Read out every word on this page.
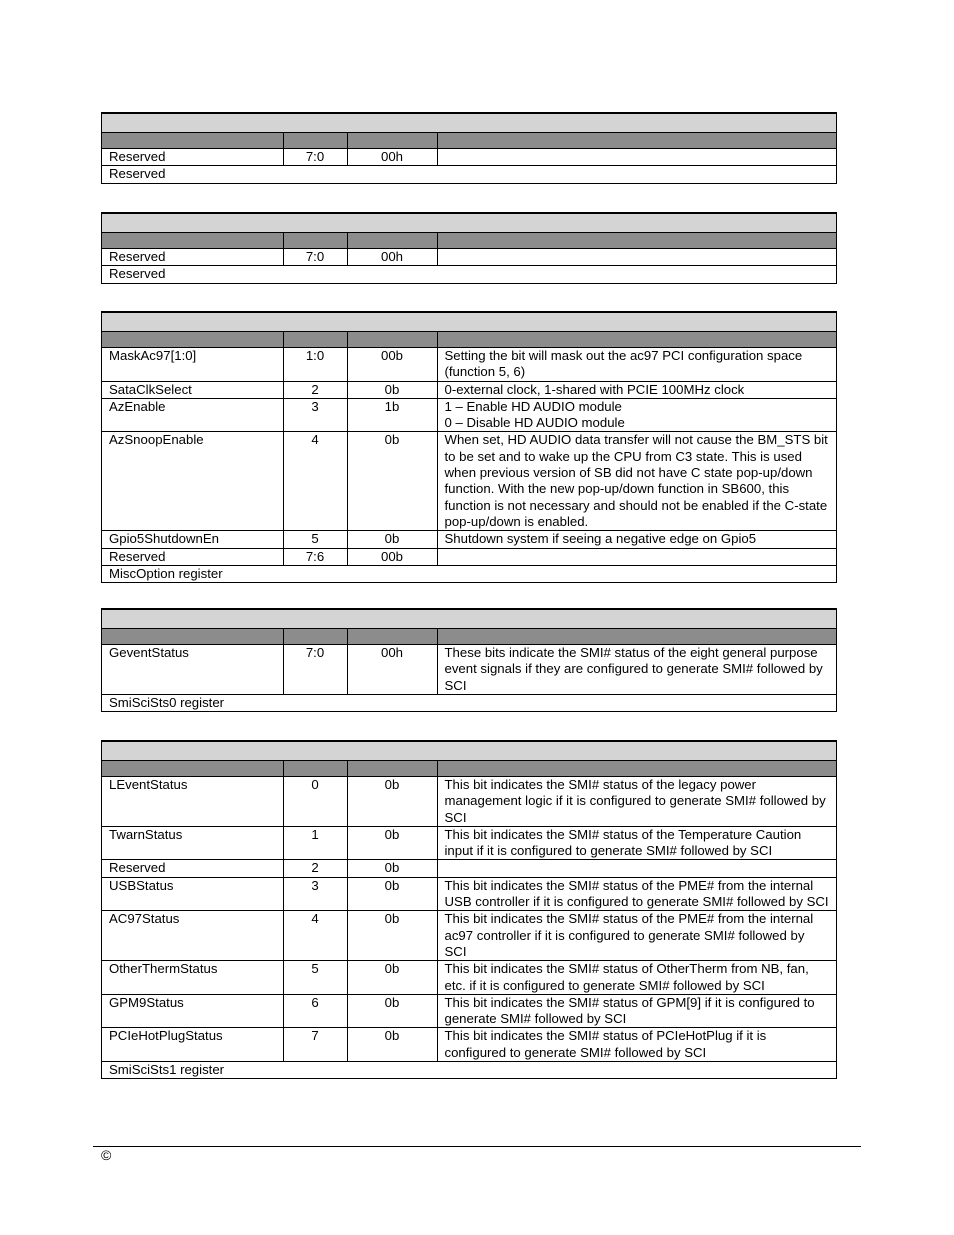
Reserved	7:0	00h	
Reserved			

Reserved	7:0	00h	
Reserved			

MaskAc97[1:0]	1:0	00b	Setting the bit will mask out the ac97 PCI configuration space (function 5, 6)
SataClkSelect	2	0b	0-external clock, 1-shared with PCIE 100MHz clock
AzEnable	3	1b	1 – Enable HD AUDIO module
0 – Disable HD AUDIO module
AzSnoopEnable	4	0b	When set, HD AUDIO data transfer will not cause the BM_STS bit to be set and to wake up the CPU from C3 state. This is used when previous version of SB did not have C state pop-up/down function. With the new pop-up/down function in SB600, this function is not necessary and should not be enabled if the C-state pop-up/down is enabled.
Gpio5ShutdownEn	5	0b	Shutdown system if seeing a negative edge on Gpio5
Reserved	7:6	00b	
MiscOption register			

GeventStatus	7:0	00h	These bits indicate the SMI# status of the eight general purpose event signals if they are configured to generate SMI# followed by SCI
SmiSciSts0 register			

LEventStatus	0	0b	This bit indicates the SMI# status of the legacy power management logic if it is configured to generate SMI# followed by SCI
TwarnStatus	1	0b	This bit indicates the SMI# status of the Temperature Caution input if it is configured to generate SMI# followed by SCI
Reserved	2	0b	
USBStatus	3	0b	This bit indicates the SMI# status of the PME# from the internal USB controller if it is configured to generate SMI# followed by SCI
AC97Status	4	0b	This bit indicates the SMI# status of the PME# from the internal ac97 controller if it is configured to generate SMI# followed by SCI
OtherThermStatus	5	0b	This bit indicates the SMI# status of OtherTherm from NB, fan, etc. if it is configured to generate SMI# followed by SCI
GPM9Status	6	0b	This bit indicates the SMI# status of GPM[9] if it is configured to generate SMI# followed by SCI
PCIeHotPlugStatus	7	0b	This bit indicates the SMI# status of PCIeHotPlug if it is configured to generate SMI# followed by SCI
SmiSciSts1 register			
©
